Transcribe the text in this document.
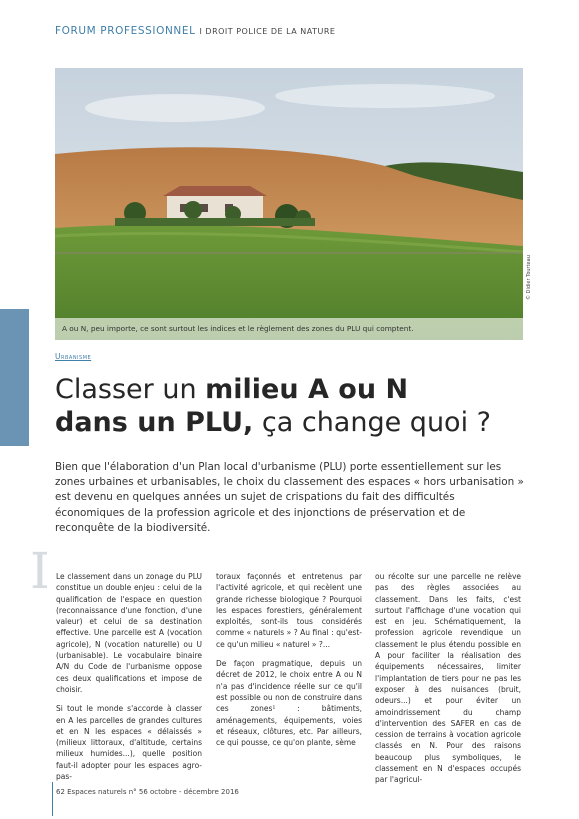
FORUM PROFESSIONNEL I DROIT POLICE DE LA NATURE
A ou N, peu importe, ce sont surtout les indices et le règlement des zones du PLU qui comptent.
© Didier Tourteau
Urbanisme
Classer un milieu A ou N
dans un PLU, ça change quoi ?

Bien que l'élaboration d'un Plan local d'urbanisme (PLU) porte essentiellement sur les zones urbaines et urbanisables, le choix du classement des espaces « hors urbanisation » est devenu en quelques années un sujet de crispations du fait des difficultés économiques de la profession agricole et des injonctions de préservation et de reconquête de la biodiversité.

I Le classement dans un zonage du PLU constitue un double enjeu : celui de la qualification de l'espace en question (reconnaissance d'une fonction, d'une valeur) et celui de sa destination effective. Une parcelle est A (vocation agricole), N (vocation naturelle) ou U (urbanisable). Le vocabulaire binaire A/N du Code de l'urbanisme oppose ces deux qualifications et impose de choisir.

Si tout le monde s'accorde à classer en A les parcelles de grandes cultures et en N les espaces « délaissés » (milieux littoraux, d'altitude, certains milieux humides...), quelle position faut-il adopter pour les espaces agro-pas-

toraux façonnés et entretenus par l'activité agricole, et qui recèlent une grande richesse biologique ? Pourquoi les espaces forestiers, généralement exploités, sont-ils tous considérés comme « naturels » ? Au final : qu'est-ce qu'un milieu « naturel » ?...

De façon pragmatique, depuis un décret de 2012, le choix entre A ou N n'a pas d'incidence réelle sur ce qu'il est possible ou non de construire dans ces zones¹ : bâtiments, aménagements, équipements, voies et réseaux, clôtures, etc. Par ailleurs, ce qui pousse, ce qu'on plante, sème

ou récolte sur une parcelle ne relève pas des règles associées au classement. Dans les faits, c'est surtout l'affichage d'une vocation qui est en jeu. Schématiquement, la profession agricole revendique un classement le plus étendu possible en A pour faciliter la réalisation des équipements nécessaires, limiter l'implantation de tiers pour ne pas les exposer à des nuisances (bruit, odeurs...) et pour éviter un amoindrissement du champ d'intervention des SAFER en cas de cession de terrains à vocation agricole classés en N. Pour des raisons beaucoup plus symboliques, le classement en N d'espaces occupés par l'agricul-

62 Espaces naturels n° 56 octobre - décembre 2016
